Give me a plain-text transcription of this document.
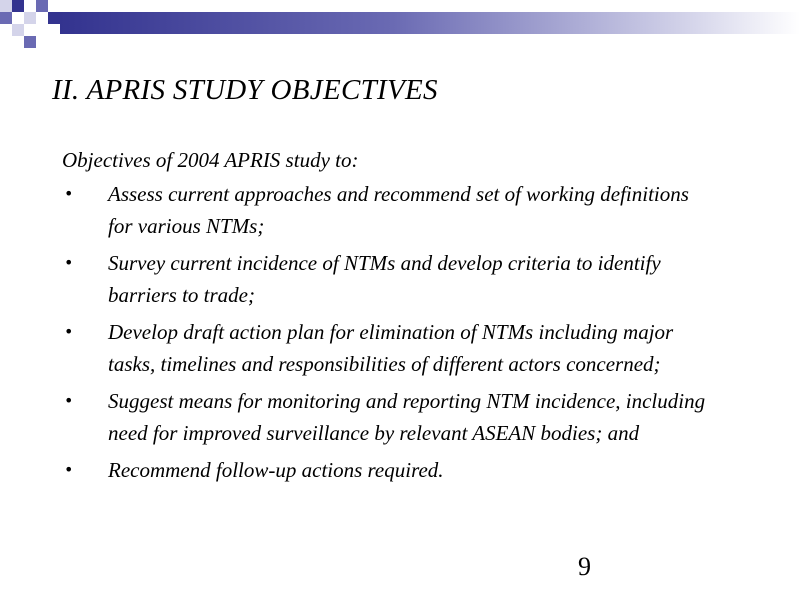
II. APRIS STUDY OBJECTIVES

Objectives of 2004 APRIS study to:

• Assess current approaches and recommend set of working definitions for various NTMs;
• Survey current incidence of NTMs and develop criteria to identify barriers to trade;
• Develop draft action plan for elimination of NTMs including major tasks, timelines and responsibilities of different actors concerned;
• Suggest means for monitoring and reporting NTM incidence, including need for improved surveillance by relevant ASEAN bodies; and
• Recommend follow-up actions required.
9
